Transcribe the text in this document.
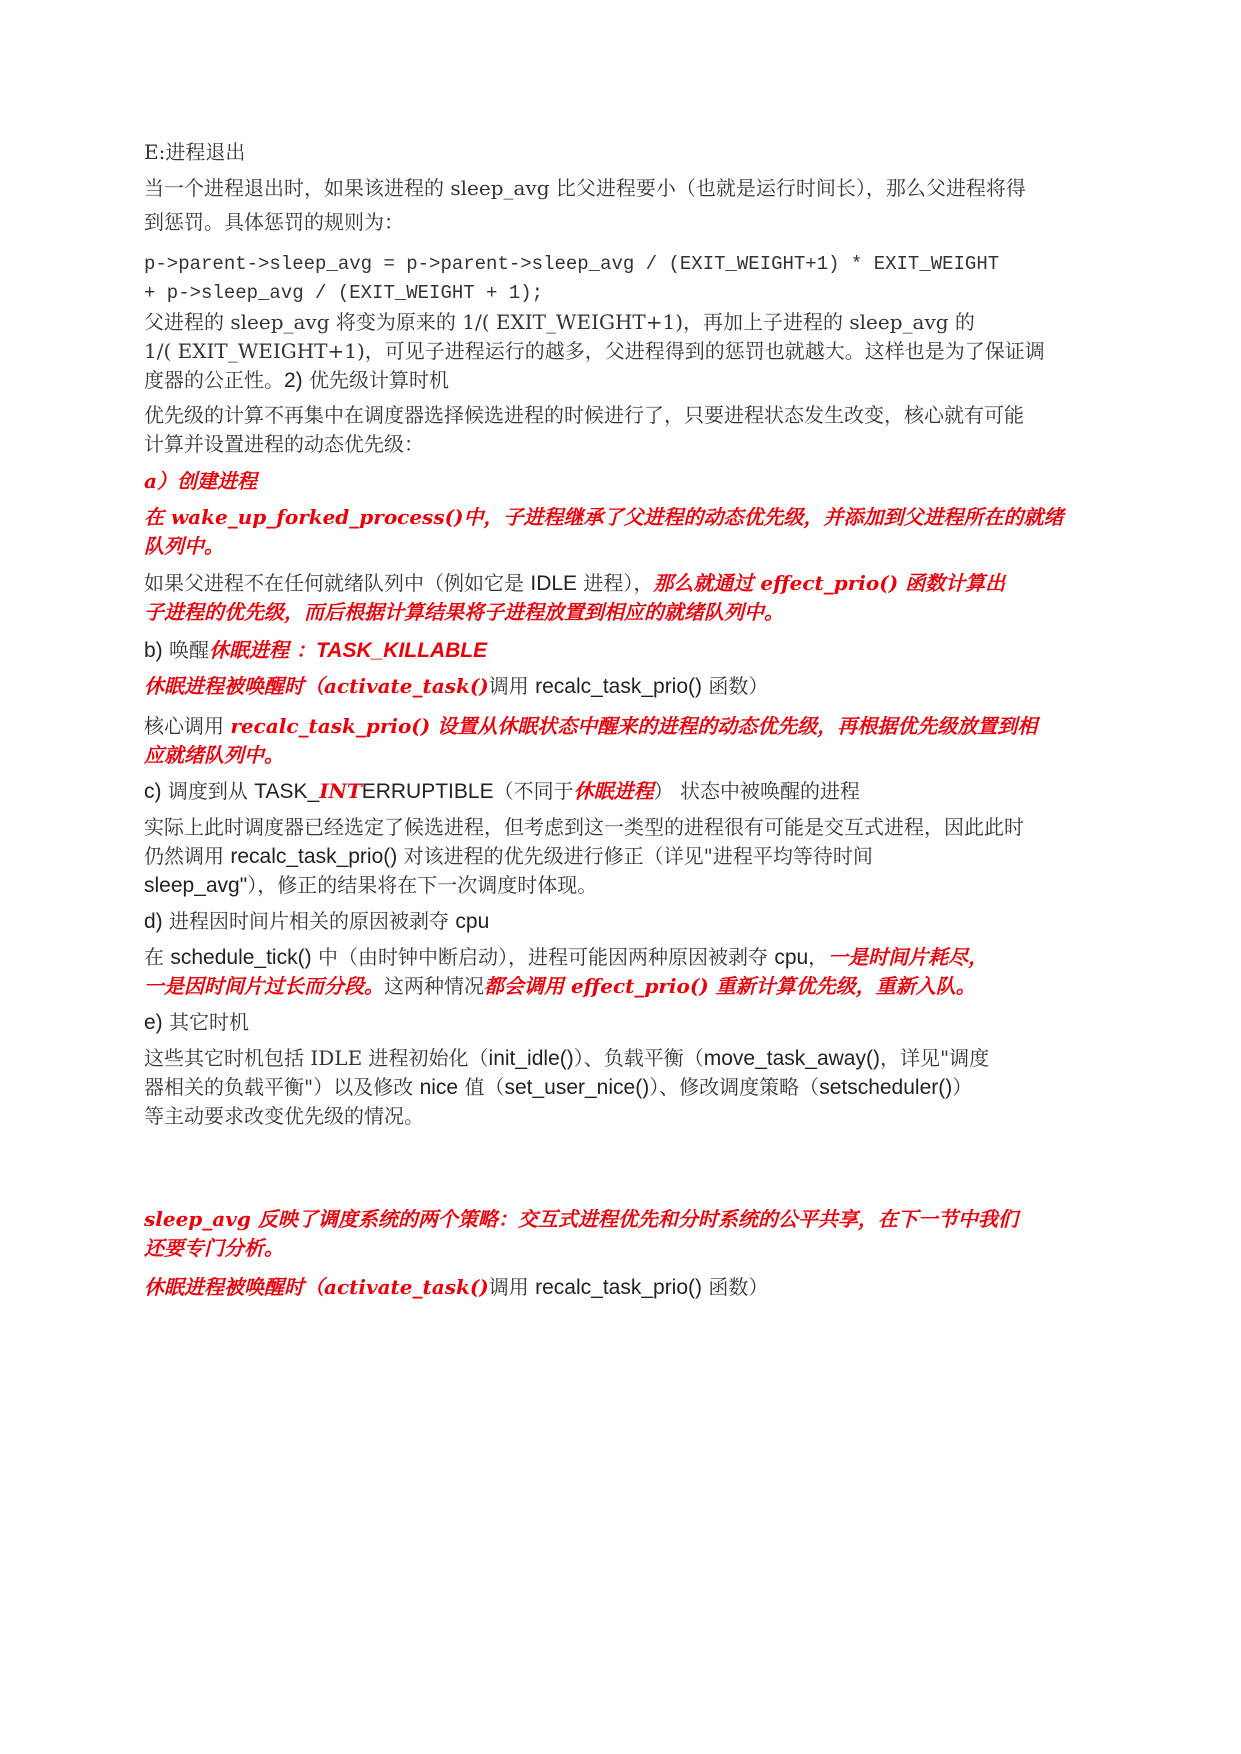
E:进程退出
当一个进程退出时，如果该进程的 sleep_avg 比父进程要小（也就是运行时间长），那么父进程将得
到惩罚。具体惩罚的规则为：
p->parent->sleep_avg = p->parent->sleep_avg / (EXIT_WEIGHT+1) * EXIT_WEIGHT
+ p->sleep_avg / (EXIT_WEIGHT + 1);
父进程的 sleep_avg 将变为原来的 1/( EXIT_WEIGHT+1)，再加上子进程的 sleep_avg 的
1/( EXIT_WEIGHT+1)，可见子进程运行的越多，父进程得到的惩罚也就越大。这样也是为了保证调
度器的公正性。2) 优先级计算时机
优先级的计算不再集中在调度器选择候选进程的时候进行了，只要进程状态发生改变，核心就有可能
计算并设置进程的动态优先级：
a）创建进程
在 wake_up_forked_process()中，子进程继承了父进程的动态优先级，并添加到父进程所在的就绪
队列中。
如果父进程不在任何就绪队列中（例如它是 IDLE 进程），那么就通过 effect_prio() 函数计算出
子进程的优先级，而后根据计算结果将子进程放置到相应的就绪队列中。
b) 唤醒休眠进程 ：TASK_KILLABLE
休眠进程被唤醒时（activate_task()调用 recalc_task_prio() 函数）
核心调用 recalc_task_prio() 设置从休眠状态中醒来的进程的动态优先级，再根据优先级放置到相
应就绪队列中。
c) 调度到从 TASK_INTERRUPTIBLE（不同于休眠进程） 状态中被唤醒的进程
实际上此时调度器已经选定了候选进程，但考虑到这一类型的进程很有可能是交互式进程，因此此时
仍然调用 recalc_task_prio() 对该进程的优先级进行修正（详见"进程平均等待时间
sleep_avg"），修正的结果将在下一次调度时体现。
d) 进程因时间片相关的原因被剥夺 cpu
在 schedule_tick() 中（由时钟中断启动），进程可能因两种原因被剥夺 cpu，一是时间片耗尽，
一是因时间片过长而分段。这两种情况都会调用 effect_prio() 重新计算优先级，重新入队。
e) 其它时机
这些其它时机包括 IDLE 进程初始化（init_idle()）、负载平衡（move_task_away()，详见"调度
器相关的负载平衡"）以及修改 nice 值（set_user_nice()）、修改调度策略（setscheduler()）
等主动要求改变优先级的情况。
sleep_avg 反映了调度系统的两个策略：交互式进程优先和分时系统的公平共享，在下一节中我们
还要专门分析。
休眠进程被唤醒时（activate_task()调用 recalc_task_prio() 函数）
